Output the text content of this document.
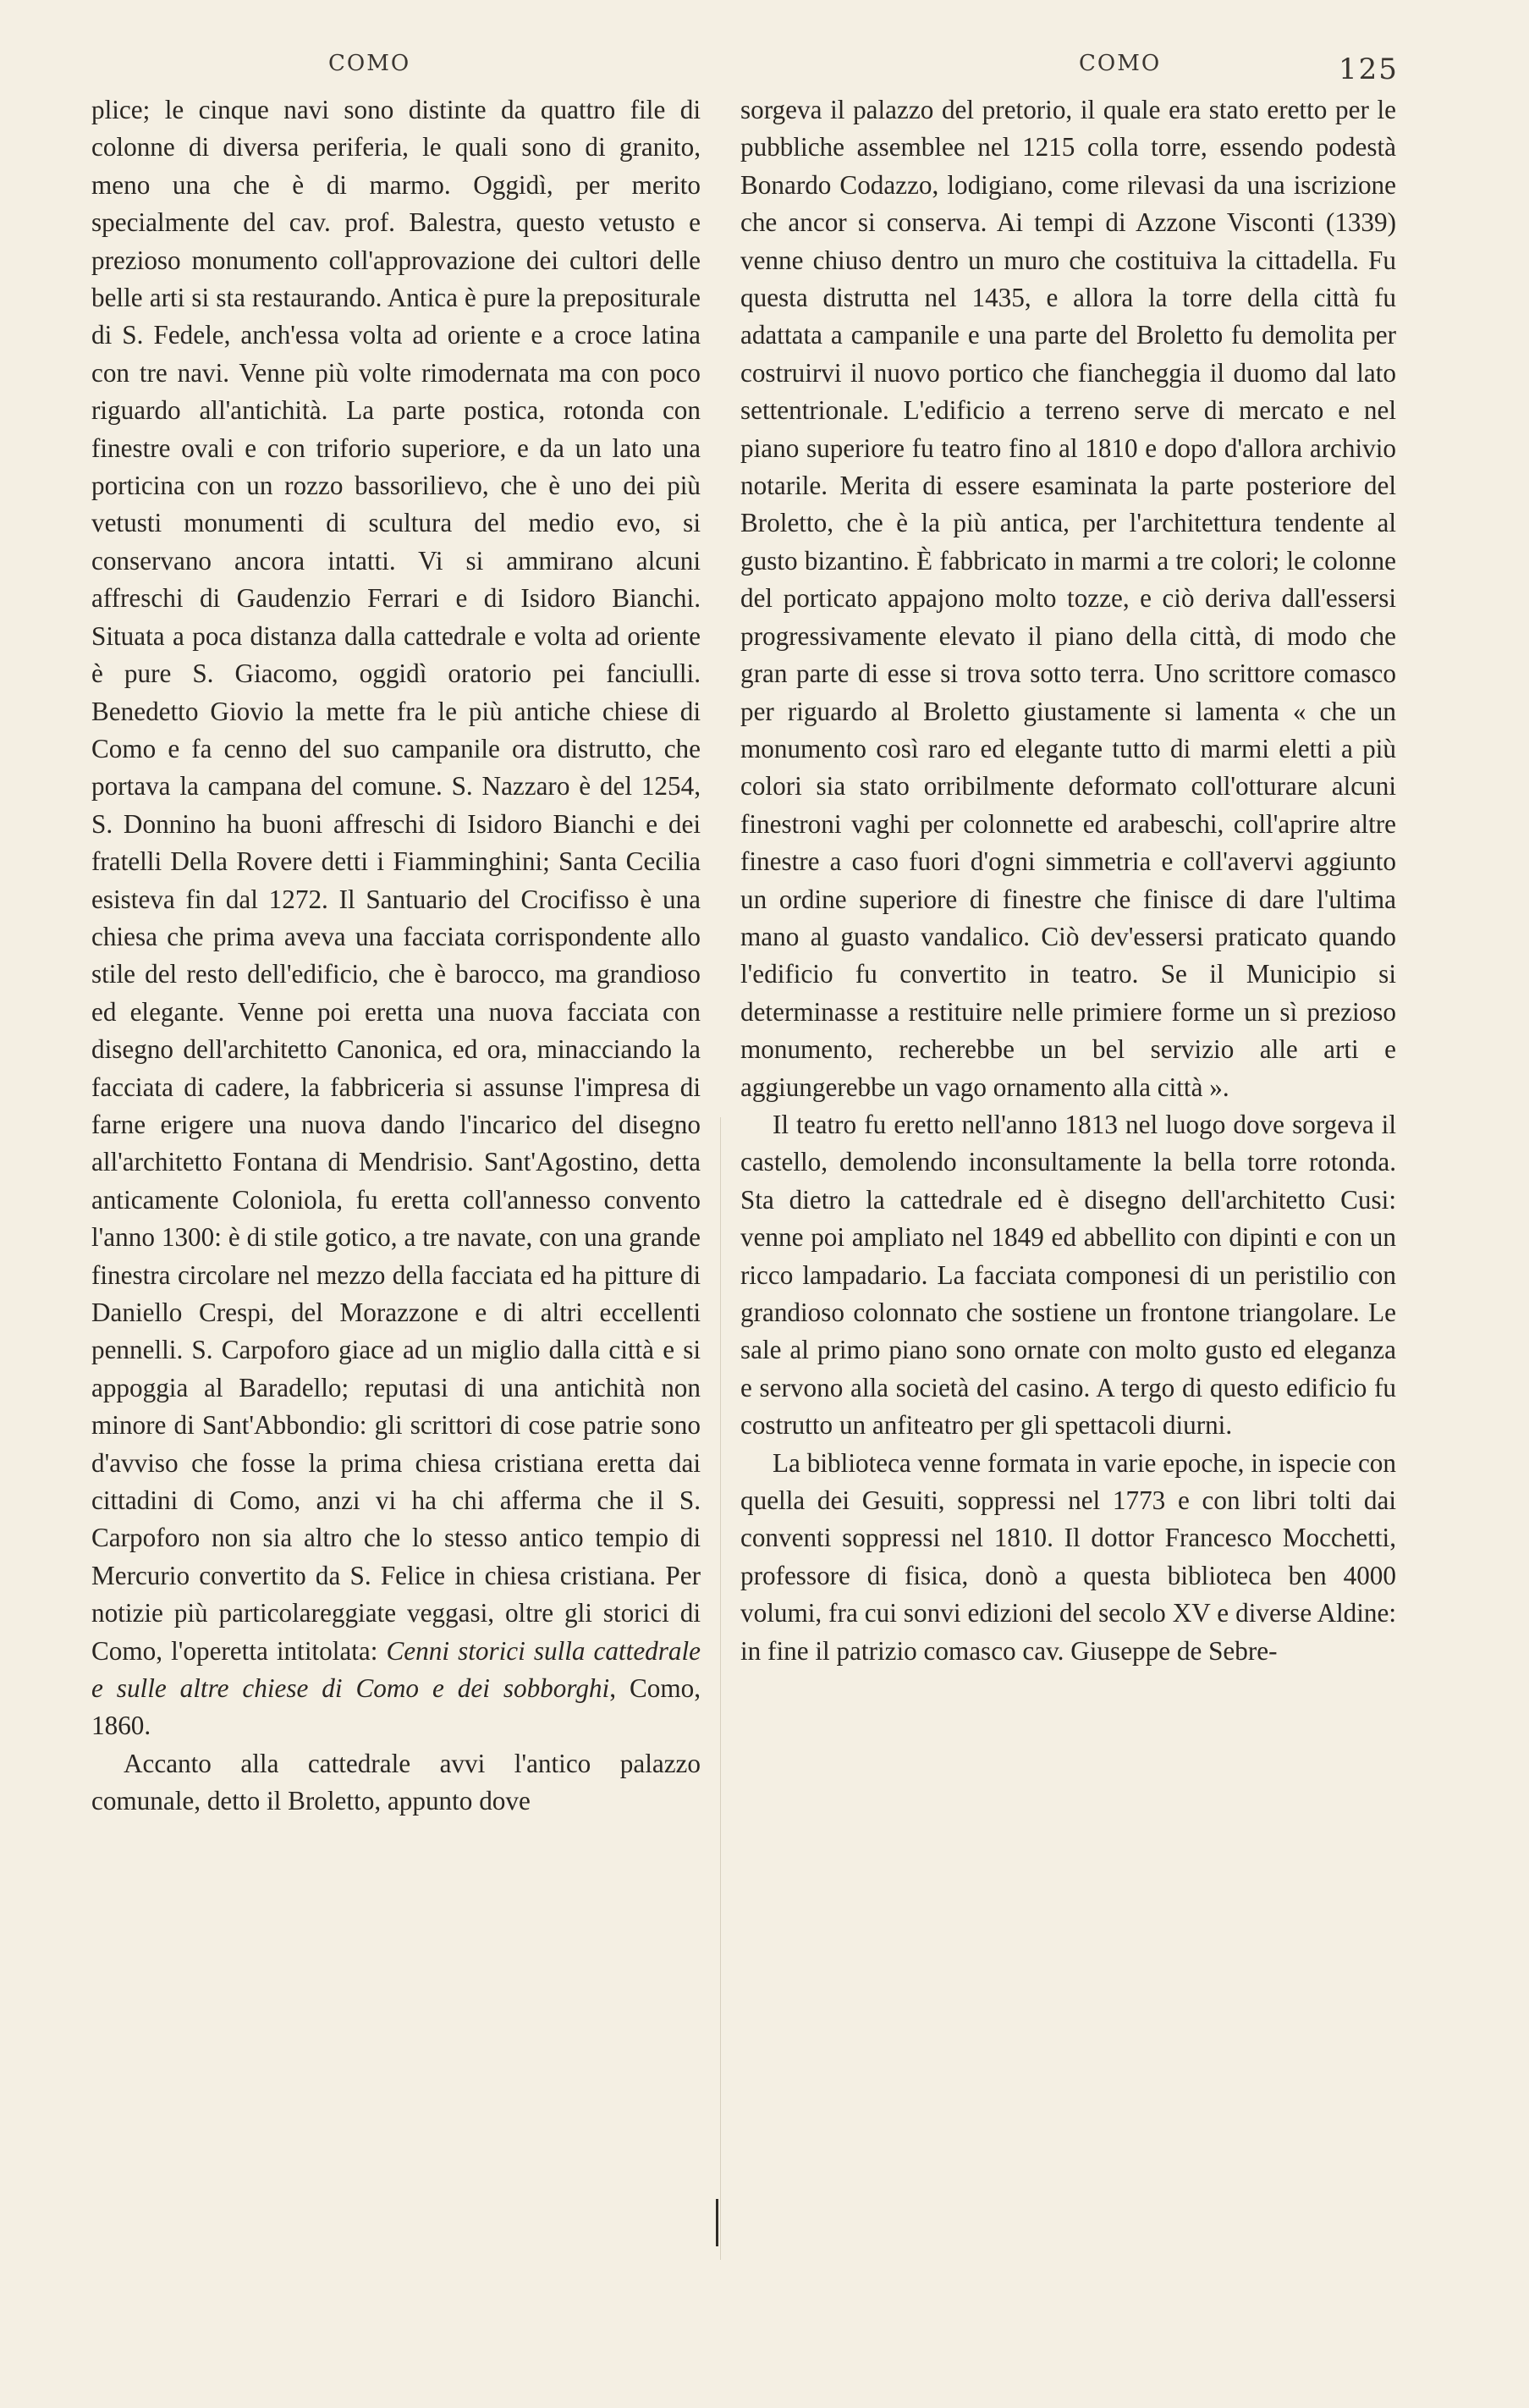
COMO	COMO	125

plice; le cinque navi sono distinte da quattro file di colonne di diversa periferia, le quali sono di granito, meno una che è di marmo. Oggidì, per merito specialmente del cav. prof. Balestra, questo vetusto e prezioso monumento coll'approvazione dei cultori delle belle arti si sta restaurando. Antica è pure la prepositurale di S. Fedele, anch'essa volta ad oriente e a croce latina con tre navi. Venne più volte rimodernata ma con poco riguardo all'antichità. La parte postica, rotonda con finestre ovali e con triforio superiore, e da un lato una porticina con un rozzo bassorilievo, che è uno dei più vetusti monumenti di scultura del medio evo, si conservano ancora intatti. Vi si ammirano alcuni affreschi di Gaudenzio Ferrari e di Isidoro Bianchi. Situata a poca distanza dalla cattedrale e volta ad oriente è pure S. Giacomo, oggidì oratorio pei fanciulli. Benedetto Giovio la mette fra le più antiche chiese di Como e fa cenno del suo campanile ora distrutto, che portava la campana del comune. S. Nazzaro è del 1254, S. Donnino ha buoni affreschi di Isidoro Bianchi e dei fratelli Della Rovere detti i Fiamminghini; Santa Cecilia esisteva fin dal 1272. Il Santuario del Crocifisso è una chiesa che prima aveva una facciata corrispondente allo stile del resto dell'edificio, che è barocco, ma grandioso ed elegante. Venne poi eretta una nuova facciata con disegno dell'architetto Canonica, ed ora, minacciando la facciata di cadere, la fabbriceria si assunse l'impresa di farne erigere una nuova dando l'incarico del disegno all'architetto Fontana di Mendrisio. Sant'Agostino, detta anticamente Coloniola, fu eretta coll'annesso convento l'anno 1300: è di stile gotico, a tre navate, con una grande finestra circolare nel mezzo della facciata ed ha pitture di Daniello Crespi, del Morazzone e di altri eccellenti pennelli. S. Carpoforo giace ad un miglio dalla città e si appoggia al Baradello; reputasi di una antichità non minore di Sant'Abbondio: gli scrittori di cose patrie sono d'avviso che fosse la prima chiesa cristiana eretta dai cittadini di Como, anzi vi ha chi afferma che il S. Carpoforo non sia altro che lo stesso antico tempio di Mercurio convertito da S. Felice in chiesa cristiana. Per notizie più particolareggiate veggasi, oltre gli storici di Como, l'operetta intitolata: Cenni storici sulla cattedrale e sulle altre chiese di Como e dei sobborghi, Como, 1860.

Accanto alla cattedrale avvi l'antico palazzo comunale, detto il Broletto, appunto dove

sorgeva il palazzo del pretorio, il quale era stato eretto per le pubbliche assemblee nel 1215 colla torre, essendo podestà Bonardo Codazzo, lodigiano, come rilevasi da una iscrizione che ancor si conserva. Ai tempi di Azzone Visconti (1339) venne chiuso dentro un muro che costituiva la cittadella. Fu questa distrutta nel 1435, e allora la torre della città fu adattata a campanile e una parte del Broletto fu demolita per costruirvi il nuovo portico che fiancheggia il duomo dal lato settentrionale. L'edificio a terreno serve di mercato e nel piano superiore fu teatro fino al 1810 e dopo d'allora archivio notarile. Merita di essere esaminata la parte posteriore del Broletto, che è la più antica, per l'architettura tendente al gusto bizantino. È fabbricato in marmi a tre colori; le colonne del porticato appajono molto tozze, e ciò deriva dall'essersi progressivamente elevato il piano della città, di modo che gran parte di esse si trova sotto terra. Uno scrittore comasco per riguardo al Broletto giustamente si lamenta « che un monumento così raro ed elegante tutto di marmi eletti a più colori sia stato orribilmente deformato coll'otturare alcuni finestroni vaghi per colonnette ed arabeschi, coll'aprire altre finestre a caso fuori d'ogni simmetria e coll'avervi aggiunto un ordine superiore di finestre che finisce di dare l'ultima mano al guasto vandalico. Ciò dev'essersi praticato quando l'edificio fu convertito in teatro. Se il Municipio si determinasse a restituire nelle primiere forme un sì prezioso monumento, recherebbe un bel servizio alle arti e aggiungerebbe un vago ornamento alla città ».

Il teatro fu eretto nell'anno 1813 nel luogo dove sorgeva il castello, demolendo inconsultamente la bella torre rotonda. Sta dietro la cattedrale ed è disegno dell'architetto Cusi: venne poi ampliato nel 1849 ed abbellito con dipinti e con un ricco lampadario. La facciata componesi di un peristilio con grandioso colonnato che sostiene un frontone triangolare. Le sale al primo piano sono ornate con molto gusto ed eleganza e servono alla società del casino. A tergo di questo edificio fu costrutto un anfiteatro per gli spettacoli diurni.

La biblioteca venne formata in varie epoche, in ispecie con quella dei Gesuiti, soppressi nel 1773 e con libri tolti dai conventi soppressi nel 1810. Il dottor Francesco Mocchetti, professore di fisica, donò a questa biblioteca ben 4000 volumi, fra cui sonvi edizioni del secolo XV e diverse Aldine: in fine il patrizio comasco cav. Giuseppe de Sebre-
